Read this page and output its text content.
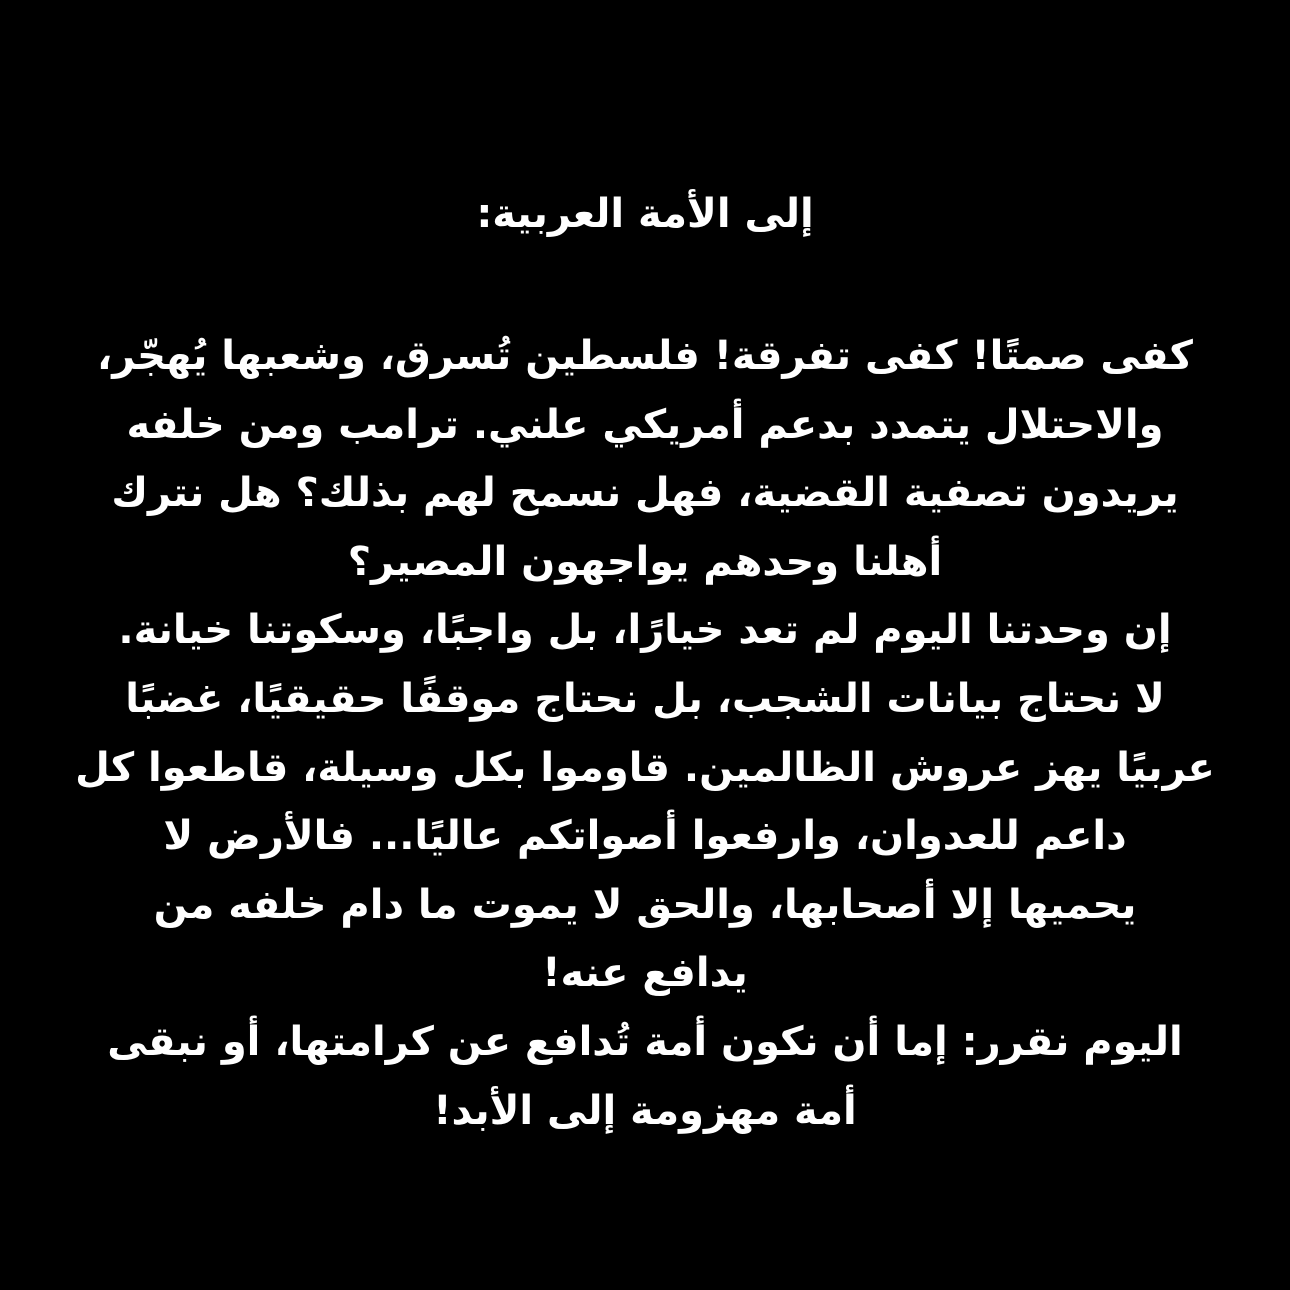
إلى الأمة العربية:
كفى صمتًا! كفى تفرقة! فلسطين تُسرق، وشعبها يُهجّر،
والاحتلال يتمدد بدعم أمريكي علني. ترامب ومن خلفه
يريدون تصفية القضية، فهل نسمح لهم بذلك؟ هل نترك
أهلنا وحدهم يواجهون المصير؟
إن وحدتنا اليوم لم تعد خيارًا، بل واجبًا، وسكوتنا خيانة.
لا نحتاج بيانات الشجب، بل نحتاج موقفًا حقيقيًا، غضبًا
عربيًا يهز عروش الظالمين. قاوموا بكل وسيلة، قاطعوا كل
داعم للعدوان، وارفعوا أصواتكم عاليًا... فالأرض لا
يحميها إلا أصحابها، والحق لا يموت ما دام خلفه من
يدافع عنه!
اليوم نقرر: إما أن نكون أمة تُدافع عن كرامتها، أو نبقى
أمة مهزومة إلى الأبد!
